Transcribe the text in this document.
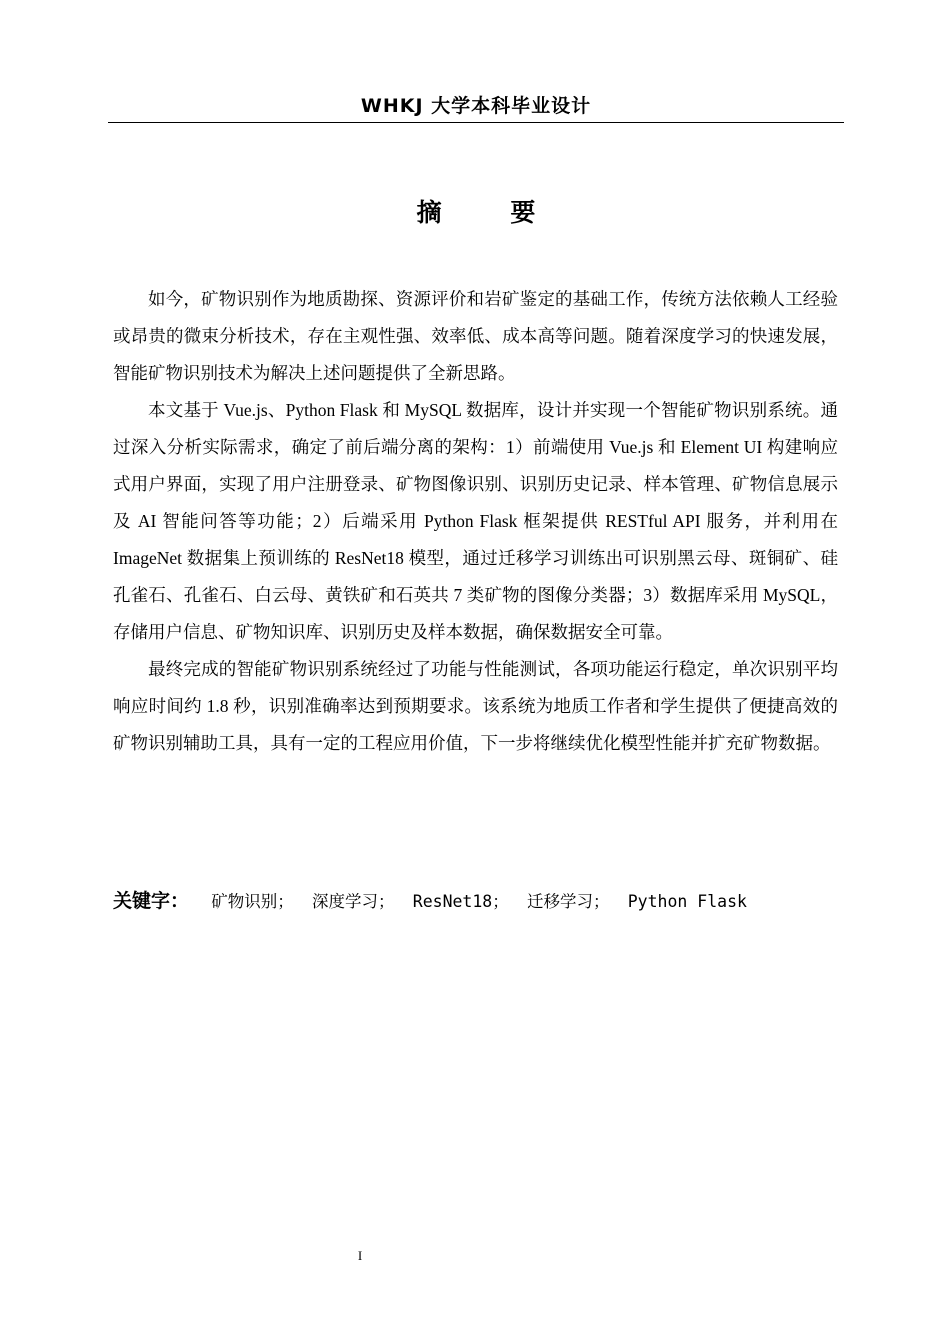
WHKJ 大学本科毕业设计
摘 要

如今，矿物识别作为地质勘探、资源评价和岩矿鉴定的基础工作，传统方法依赖人工经验或昂贵的微束分析技术，存在主观性强、效率低、成本高等问题。随着深度学习的快速发展，智能矿物识别技术为解决上述问题提供了全新思路。

本文基于 Vue.js、Python Flask 和 MySQL 数据库，设计并实现一个智能矿物识别系统。通过深入分析实际需求，确定了前后端分离的架构：1）前端使用 Vue.js 和 Element UI 构建响应式用户界面，实现了用户注册登录、矿物图像识别、识别历史记录、样本管理、矿物信息展示及 AI 智能问答等功能；2）后端采用 Python Flask 框架提供 RESTful API 服务，并利用在 ImageNet 数据集上预训练的 ResNet18 模型，通过迁移学习训练出可识别黑云母、斑铜矿、硅孔雀石、孔雀石、白云母、黄铁矿和石英共 7 类矿物的图像分类器；3）数据库采用 MySQL，存储用户信息、矿物知识库、识别历史及样本数据，确保数据安全可靠。

最终完成的智能矿物识别系统经过了功能与性能测试，各项功能运行稳定，单次识别平均响应时间约 1.8 秒，识别准确率达到预期要求。该系统为地质工作者和学生提供了便捷高效的矿物识别辅助工具，具有一定的工程应用价值，下一步将继续优化模型性能并扩充矿物数据。

关键字： 矿物识别； 深度学习； ResNet18； 迁移学习； Python Flask
I
